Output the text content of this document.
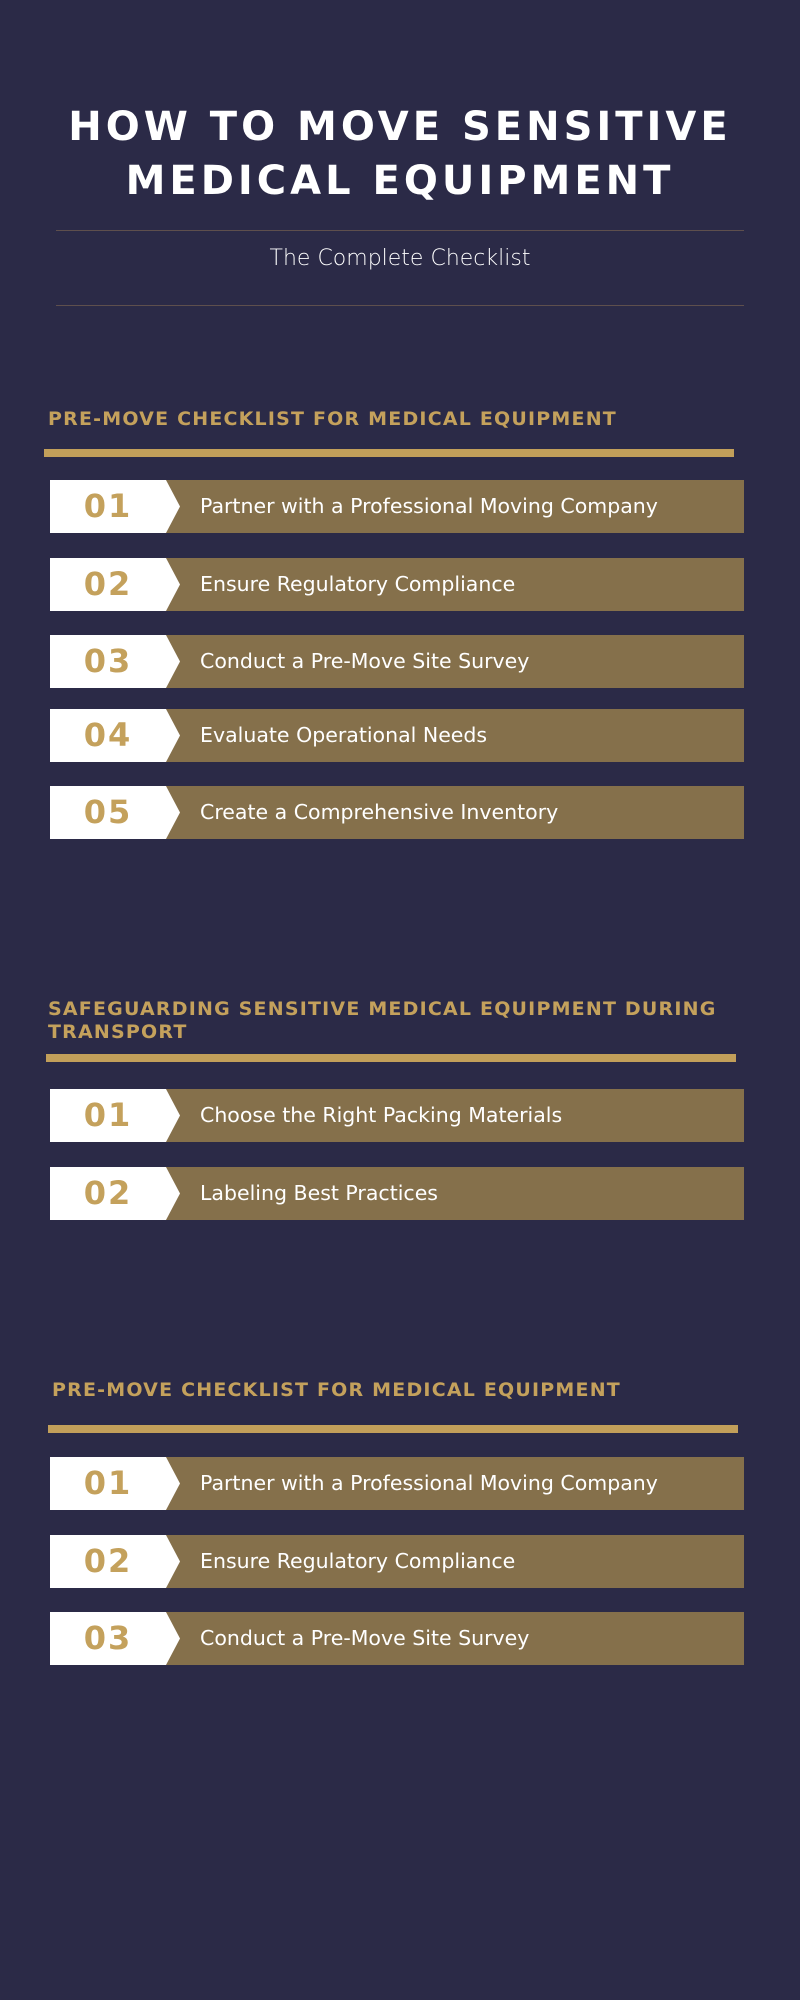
HOW TO MOVE SENSITIVE MEDICAL EQUIPMENT
The Complete Checklist
PRE-MOVE CHECKLIST FOR MEDICAL EQUIPMENT
01	Partner with a Professional Moving Company
02	Ensure Regulatory Compliance
03	Conduct a Pre-Move Site Survey
04	Evaluate Operational Needs
05	Create a Comprehensive Inventory
SAFEGUARDING SENSITIVE MEDICAL EQUIPMENT DURING TRANSPORT
01	Choose the Right Packing Materials
02	Labeling Best Practices
PRE-MOVE CHECKLIST FOR MEDICAL EQUIPMENT
01	Partner with a Professional Moving Company
02	Ensure Regulatory Compliance
03	Conduct a Pre-Move Site Survey
